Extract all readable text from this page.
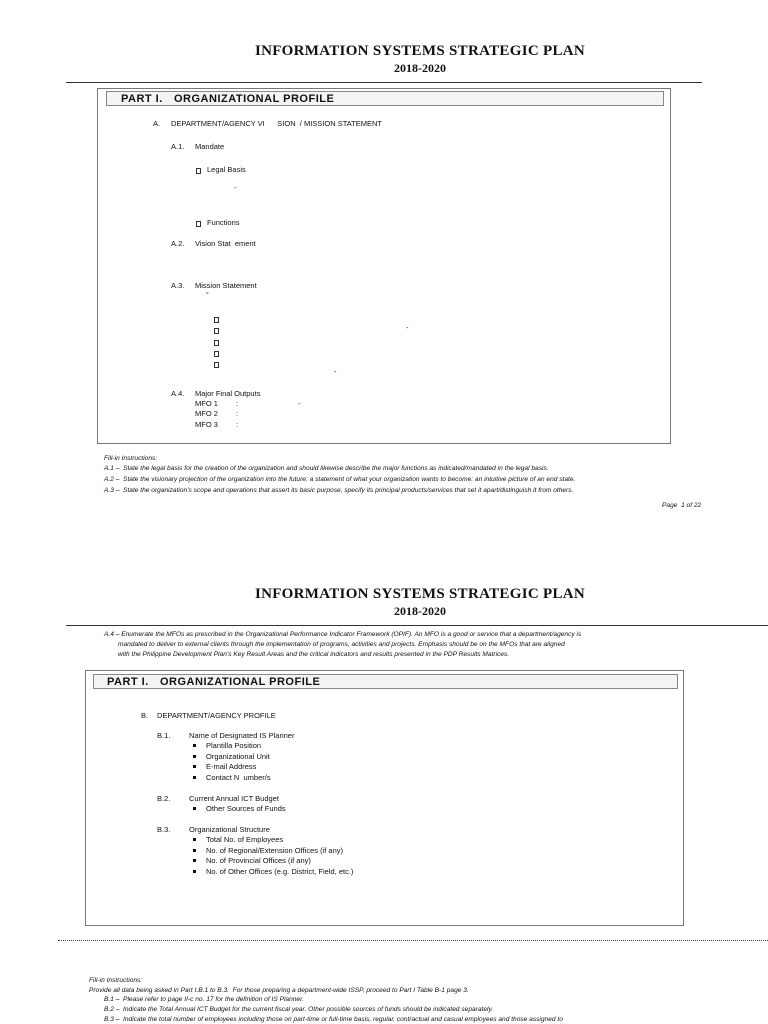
INFORMATION SYSTEMS STRATEGIC PLAN
2018-2020
PART I. ORGANIZATIONAL PROFILE
A. DEPARTMENT/AGENCY VI      SION  / MISSION STATEMENT
A.1. Mandate
Legal Basis
-
Functions
A.2. Vision Stat  ement
A.3. Mission Statement
˜
-
-
A.4. Major Final Outputs
MFO 1 :	-
MFO 2 :
MFO 3 :
Fill-in Instructions:
A.1 –  State the legal basis for the creation of the organization and should likewise describe the major functions as indicated/mandated in the legal basis.
A.2 –  State the visionary projection of the organization into the future; a statement of what your organization wants to become; an intuitive picture of an end state.
A.3 –  State the organization’s scope and operations that assert its basic purpose, specify its principal products/services that set it apart/distinguish it from others.
Page  1 of 22
INFORMATION SYSTEMS STRATEGIC PLAN
2018-2020
A.4 – Enumerate the MFOs as prescribed in the Organizational Performance Indicator Framework (OPIF). An MFO is a good or service that a department/agency is
mandated to deliver to external clients through the implementation of programs, activities and projects. Emphasis should be on the MFOs that are aligned
with the Philippine Development Plan’s Key Result Areas and the critical indicators and results presented in the PDP Results Matrices.
PART I. ORGANIZATIONAL PROFILE
B. DEPARTMENT/AGENCY PROFILE
B.1. Name of Designated IS Planner
Plantilla Position
Organizational Unit
E-mail Address
Contact N  umber/s
B.2. Current Annual ICT Budget
Other Sources of Funds
B.3. Organizational Structure
Total No. of Employees
No. of Regional/Extension Offices (if any)
No. of Provincial Offices (if any)
No. of Other Offices (e.g. District, Field, etc.)
Fill-in Instructions:
Provide all data being asked in Part I.B.1 to B.3.  For those preparing a department-wide ISSP, proceed to Part I Table B-1 page 3.
B.1 –  Please refer to page II-c no. 17 for the definition of IS Planner.
B.2 –  Indicate the Total Annual ICT Budget for the current fiscal year. Other possible sources of funds should be indicated separately.
B.3 –  Indicate the total number of employees including those on part-time or full-time basis, regular, contractual and casual employees and those assigned to
